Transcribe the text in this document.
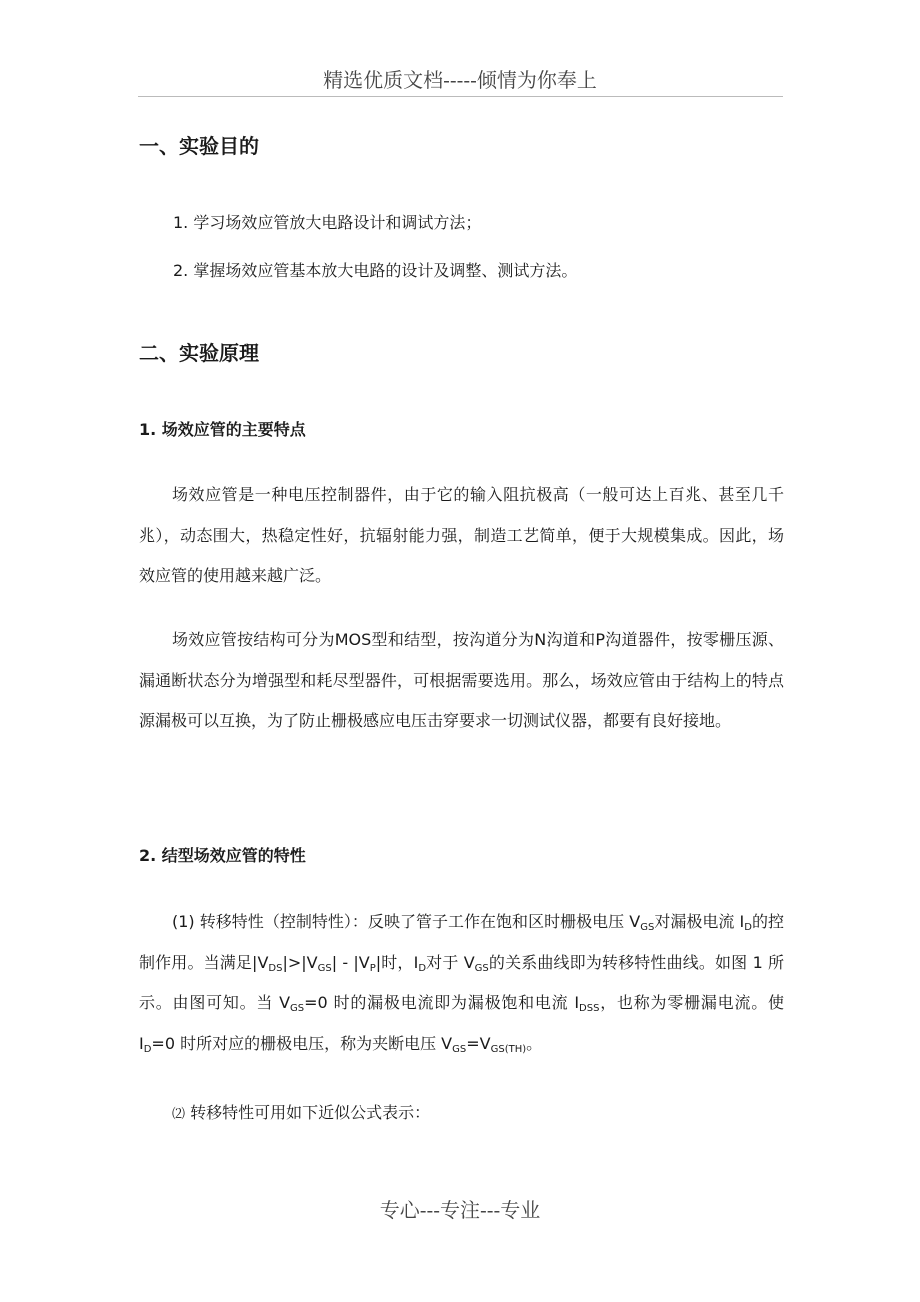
精选优质文档-----倾情为你奉上
一、实验目的
1. 学习场效应管放大电路设计和调试方法；
2. 掌握场效应管基本放大电路的设计及调整、测试方法。
二、实验原理
1. 场效应管的主要特点
场效应管是一种电压控制器件，由于它的输入阻抗极高（一般可达上百兆、甚至几千兆），动态围大，热稳定性好，抗辐射能力强，制造工艺简单，便于大规模集成。因此，场效应管的使用越来越广泛。
场效应管按结构可分为MOS型和结型，按沟道分为N沟道和P沟道器件，按零栅压源、漏通断状态分为增强型和耗尽型器件，可根据需要选用。那么，场效应管由于结构上的特点源漏极可以互换，为了防止栅极感应电压击穿要求一切测试仪器，都要有良好接地。
2. 结型场效应管的特性
(1) 转移特性（控制特性）：反映了管子工作在饱和区时栅极电压 $V_{GS}$对漏极电流 $I_D$的控制作用。当满足$|V_{DS}|>|V_{GS}| - |V_P|$时，$I_D$对于 $V_{GS}$的关系曲线即为转移特性曲线。如图 1 所示。由图可知。当 $V_{GS}=0$ 时的漏极电流即为漏极饱和电流 $I_{DSS}$，也称为零栅漏电流。使 $I_D=0$ 时所对应的栅极电压，称为夹断电压 $V_{GS}=V_{GS(TH)}$。
⑵ 转移特性可用如下近似公式表示：
专心---专注---专业
